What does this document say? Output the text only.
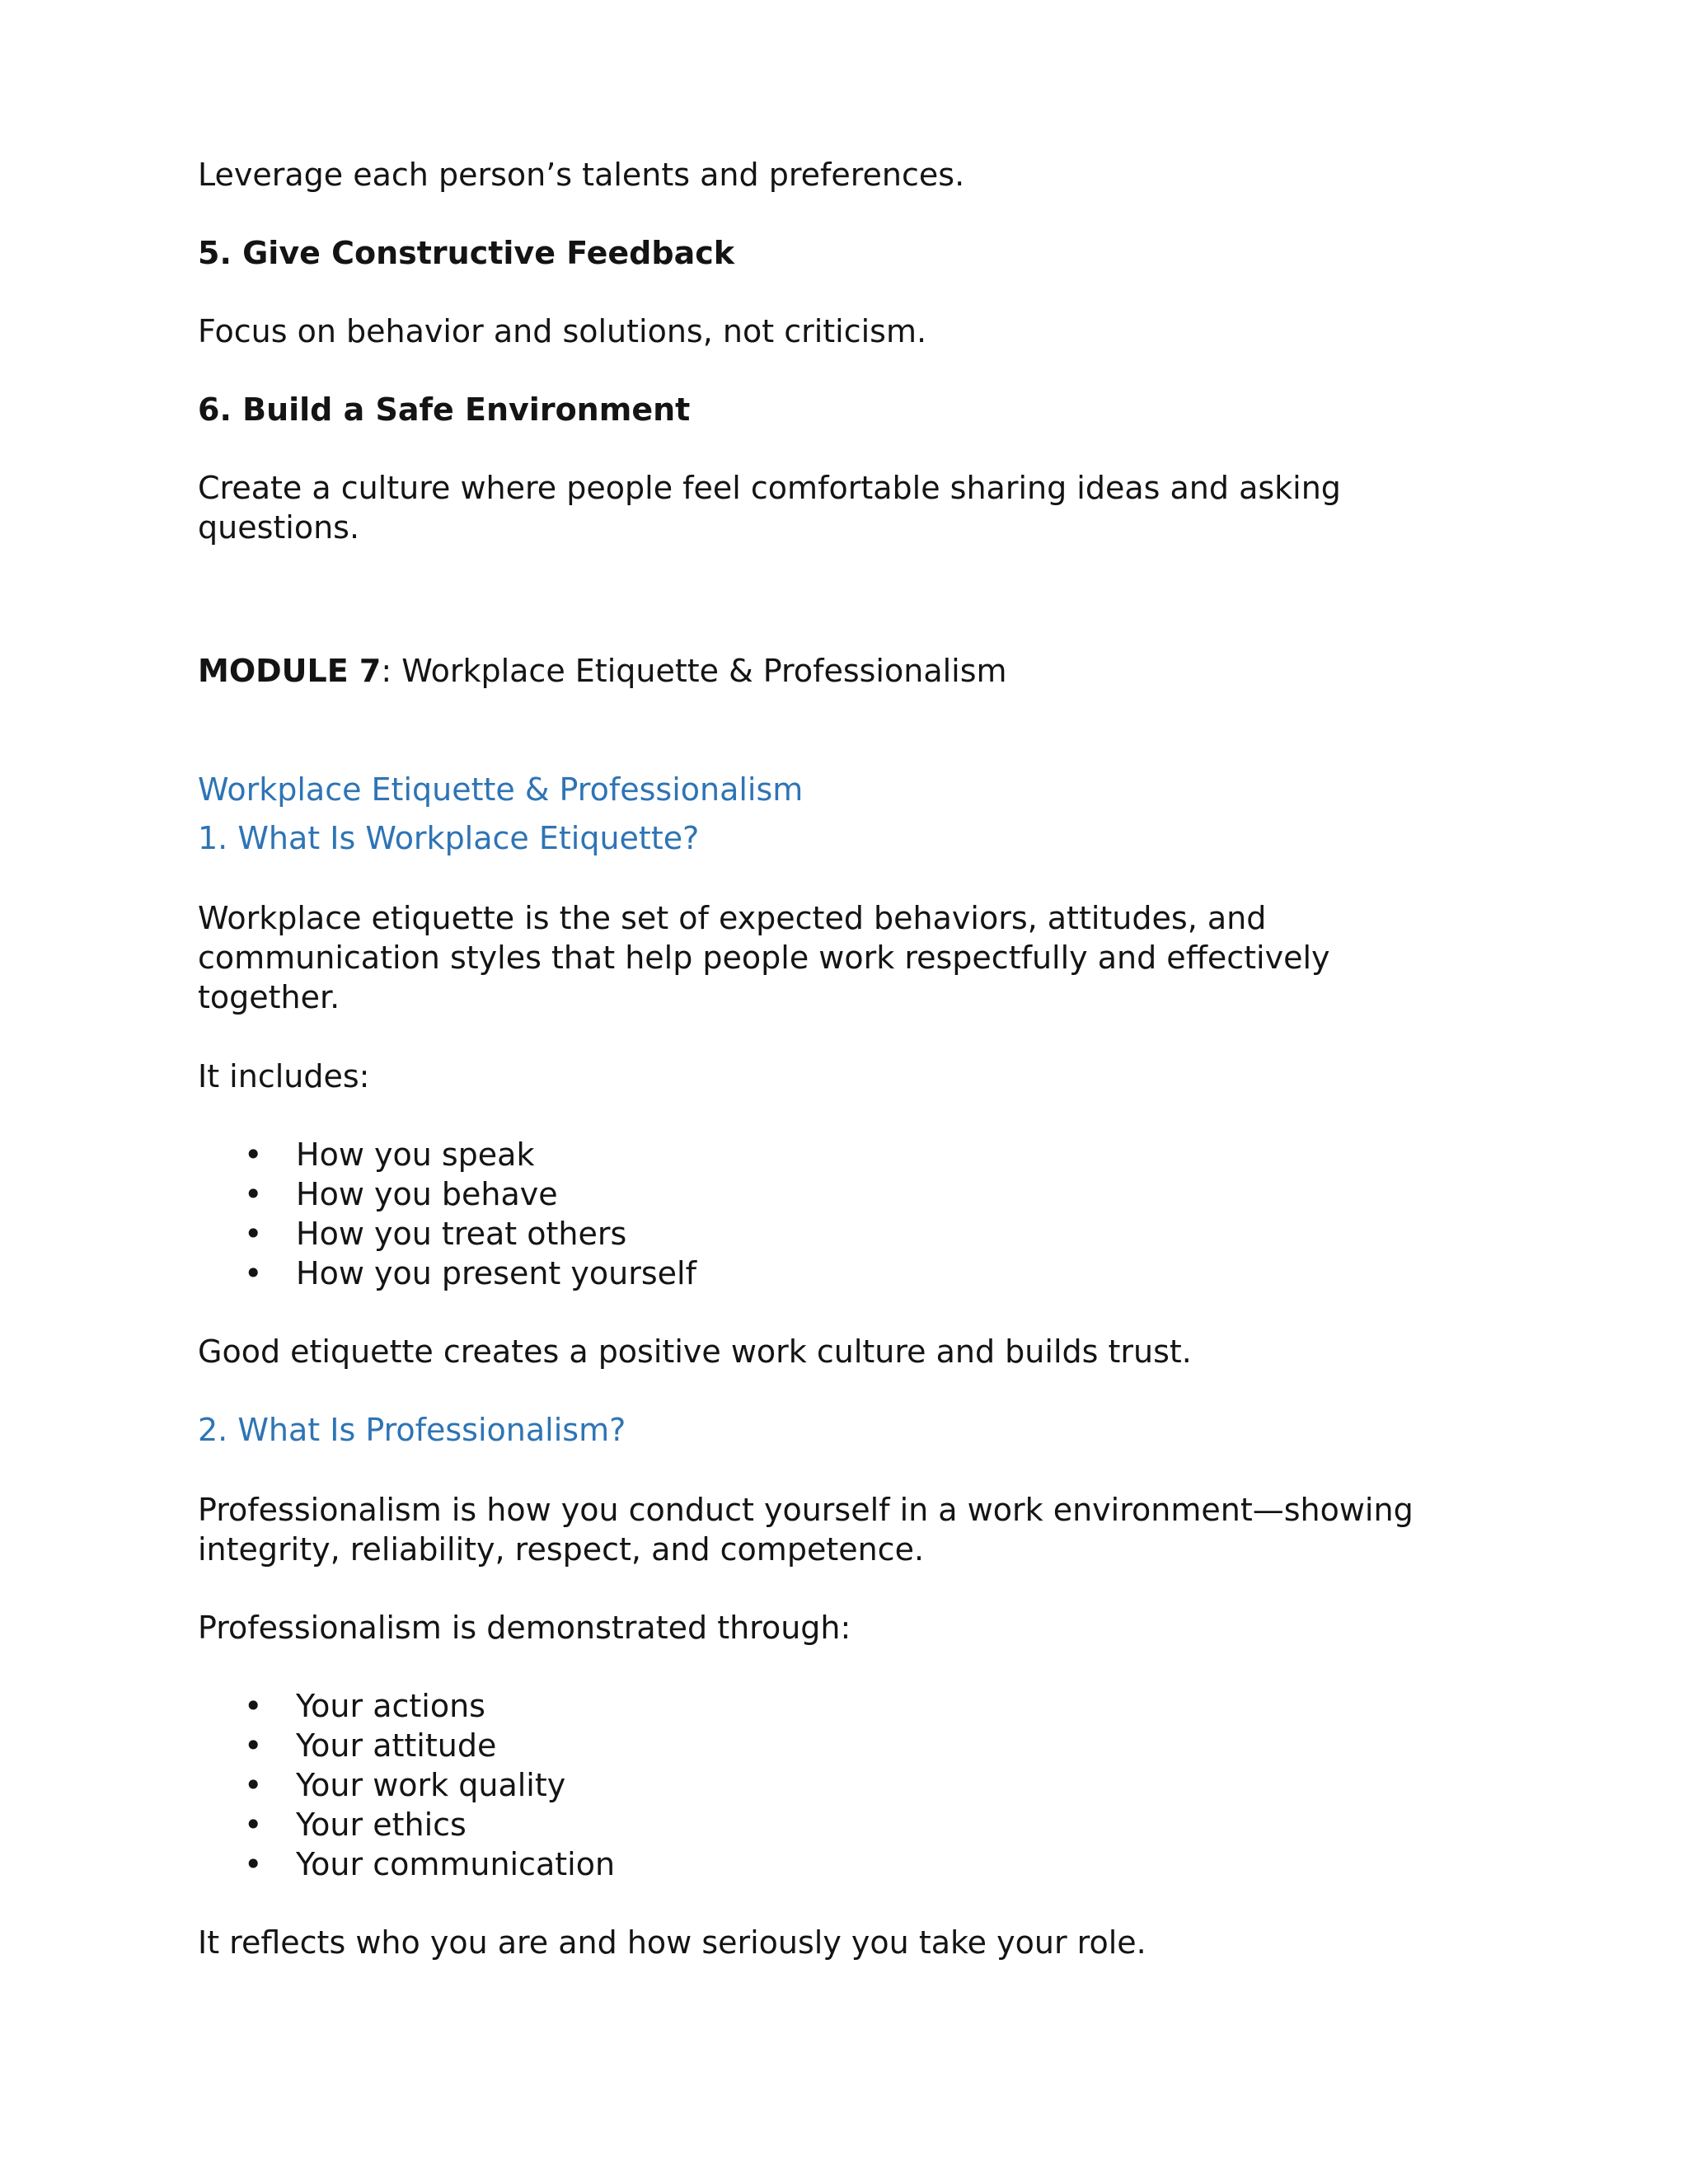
Leverage each person’s talents and preferences.

5. Give Constructive Feedback

Focus on behavior and solutions, not criticism.

6. Build a Safe Environment

Create a culture where people feel comfortable sharing ideas and asking

questions.

MODULE 7: Workplace Etiquette & Professionalism

Workplace Etiquette & Professionalism

1. What Is Workplace Etiquette?

Workplace etiquette is the set of expected behaviors, attitudes, and

communication styles that help people work respectfully and effectively

together.

It includes:

• How you speak
• How you behave
• How you treat others
• How you present yourself

Good etiquette creates a positive work culture and builds trust.

2. What Is Professionalism?

Professionalism is how you conduct yourself in a work environment—showing

integrity, reliability, respect, and competence.

Professionalism is demonstrated through:

• Your actions
• Your attitude
• Your work quality
• Your ethics
• Your communication

It reflects who you are and how seriously you take your role.
